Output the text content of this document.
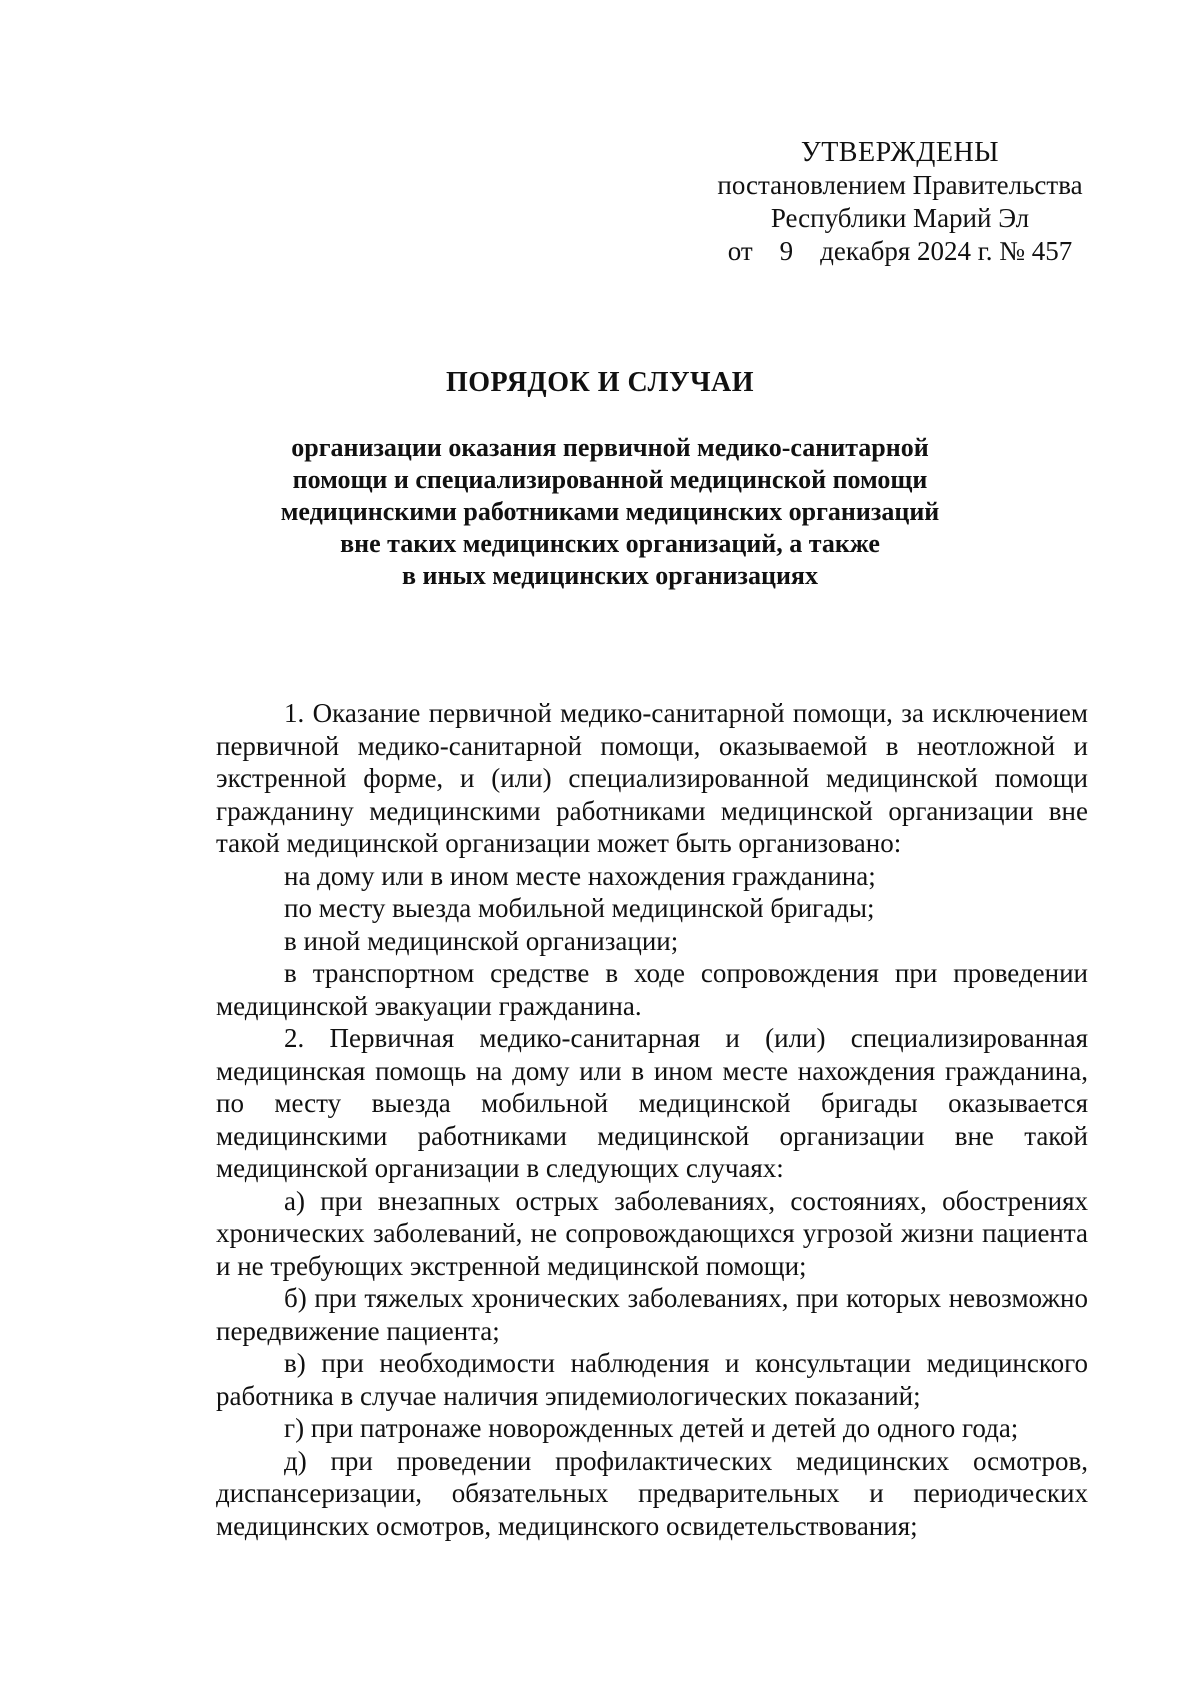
УТВЕРЖДЕНЫ
постановлением Правительства
Республики Марий Эл
от    9    декабря 2024 г. № 457
ПОРЯДОК И СЛУЧАИ
организации оказания первичной медико-санитарной
помощи и специализированной медицинской помощи
медицинскими работниками медицинских организаций
вне таких медицинских организаций, а также
в иных медицинских организациях

1. Оказание первичной медико-санитарной помощи, за исключением первичной медико-санитарной помощи, оказываемой в неотложной и экстренной форме, и (или) специализированной медицинской помощи гражданину медицинскими работниками медицинской организации вне такой медицинской организации может быть организовано:

на дому или в ином месте нахождения гражданина;

по месту выезда мобильной медицинской бригады;

в иной медицинской организации;

в транспортном средстве в ходе сопровождения при проведении медицинской эвакуации гражданина.

2. Первичная медико-санитарная и (или) специализированная медицинская помощь на дому или в ином месте нахождения гражданина, по месту выезда мобильной медицинской бригады оказывается медицинскими работниками медицинской организации вне такой медицинской организации в следующих случаях:

а) при внезапных острых заболеваниях, состояниях, обострениях хронических заболеваний, не сопровождающихся угрозой жизни пациента и не требующих экстренной медицинской помощи;

б) при тяжелых хронических заболеваниях, при которых невозможно передвижение пациента;

в) при необходимости наблюдения и консультации медицинского работника в случае наличия эпидемиологических показаний;

г) при патронаже новорожденных детей и детей до одного года;

д) при проведении профилактических медицинских осмотров, диспансеризации, обязательных предварительных и периодических медицинских осмотров, медицинского освидетельствования;
